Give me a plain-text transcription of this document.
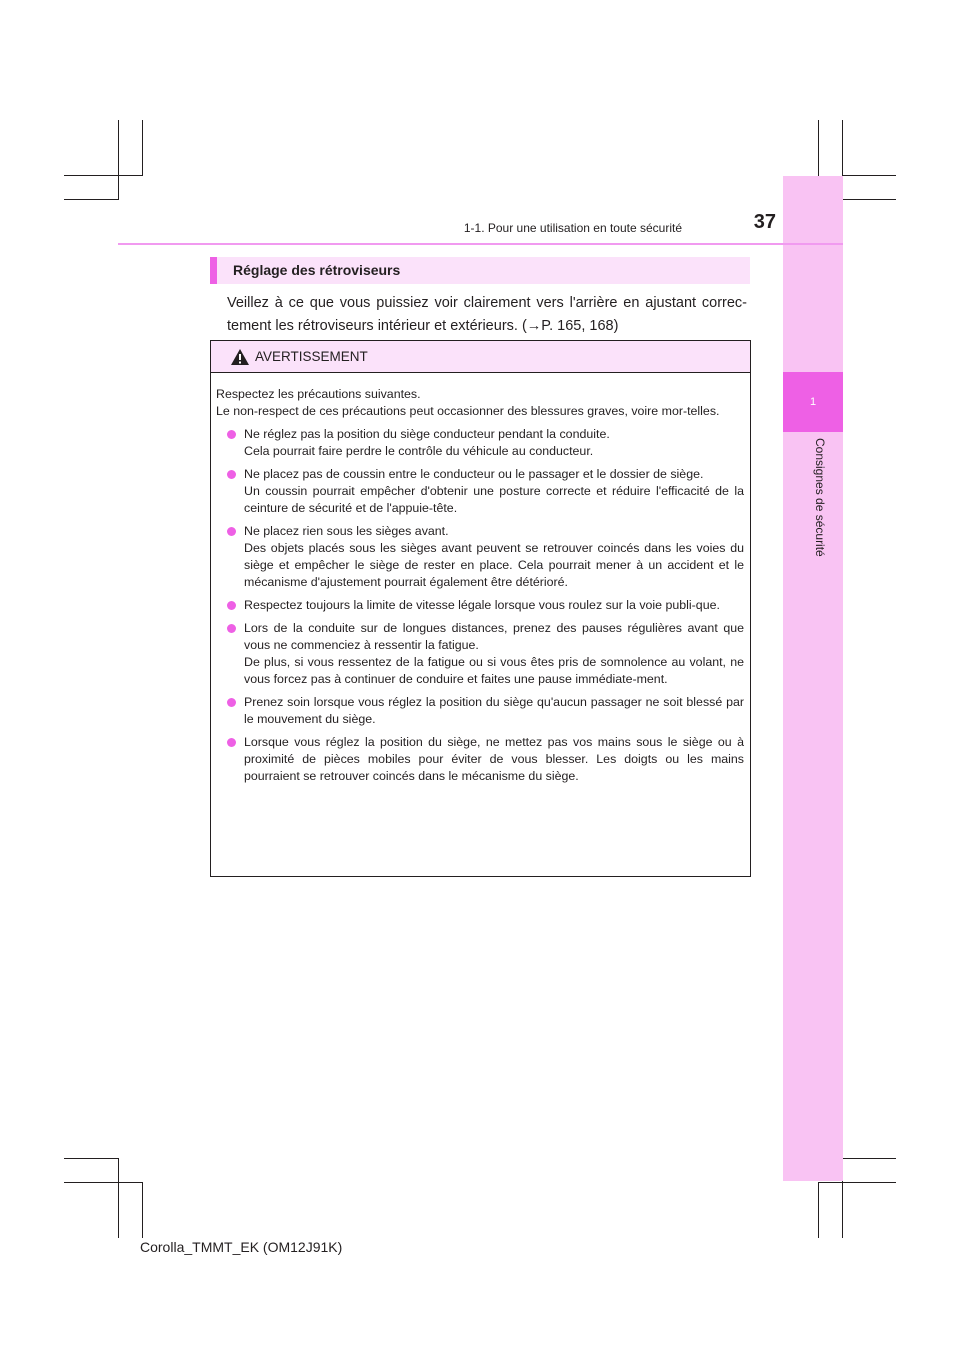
1
Consignes de sécurité
1-1. Pour une utilisation en toute sécurité	37
Réglage des rétroviseurs
Veillez à ce que vous puissiez voir clairement vers l'arrière en ajustant correc-tement les rétroviseurs intérieur et extérieurs. (→P. 165, 168)
AVERTISSEMENT

Respectez les précautions suivantes.
Le non-respect de ces précautions peut occasionner des blessures graves, voire mor-telles.

Ne réglez pas la position du siège conducteur pendant la conduite.
Cela pourrait faire perdre le contrôle du véhicule au conducteur.
Ne placez pas de coussin entre le conducteur ou le passager et le dossier de siège.
Un coussin pourrait empêcher d'obtenir une posture correcte et réduire l'efficacité de la ceinture de sécurité et de l'appuie-tête.
Ne placez rien sous les sièges avant.
Des objets placés sous les sièges avant peuvent se retrouver coincés dans les voies du siège et empêcher le siège de rester en place. Cela pourrait mener à un accident et le mécanisme d'ajustement pourrait également être détérioré.
Respectez toujours la limite de vitesse légale lorsque vous roulez sur la voie publi-que.
Lors de la conduite sur de longues distances, prenez des pauses régulières avant que vous ne commenciez à ressentir la fatigue.
De plus, si vous ressentez de la fatigue ou si vous êtes pris de somnolence au volant, ne vous forcez pas à continuer de conduire et faites une pause immédiate-ment.
Prenez soin lorsque vous réglez la position du siège qu'aucun passager ne soit blessé par le mouvement du siège.
Lorsque vous réglez la position du siège, ne mettez pas vos mains sous le siège ou à proximité de pièces mobiles pour éviter de vous blesser. Les doigts ou les mains pourraient se retrouver coincés dans le mécanisme du siège.
Corolla_TMMT_EK (OM12J91K)
